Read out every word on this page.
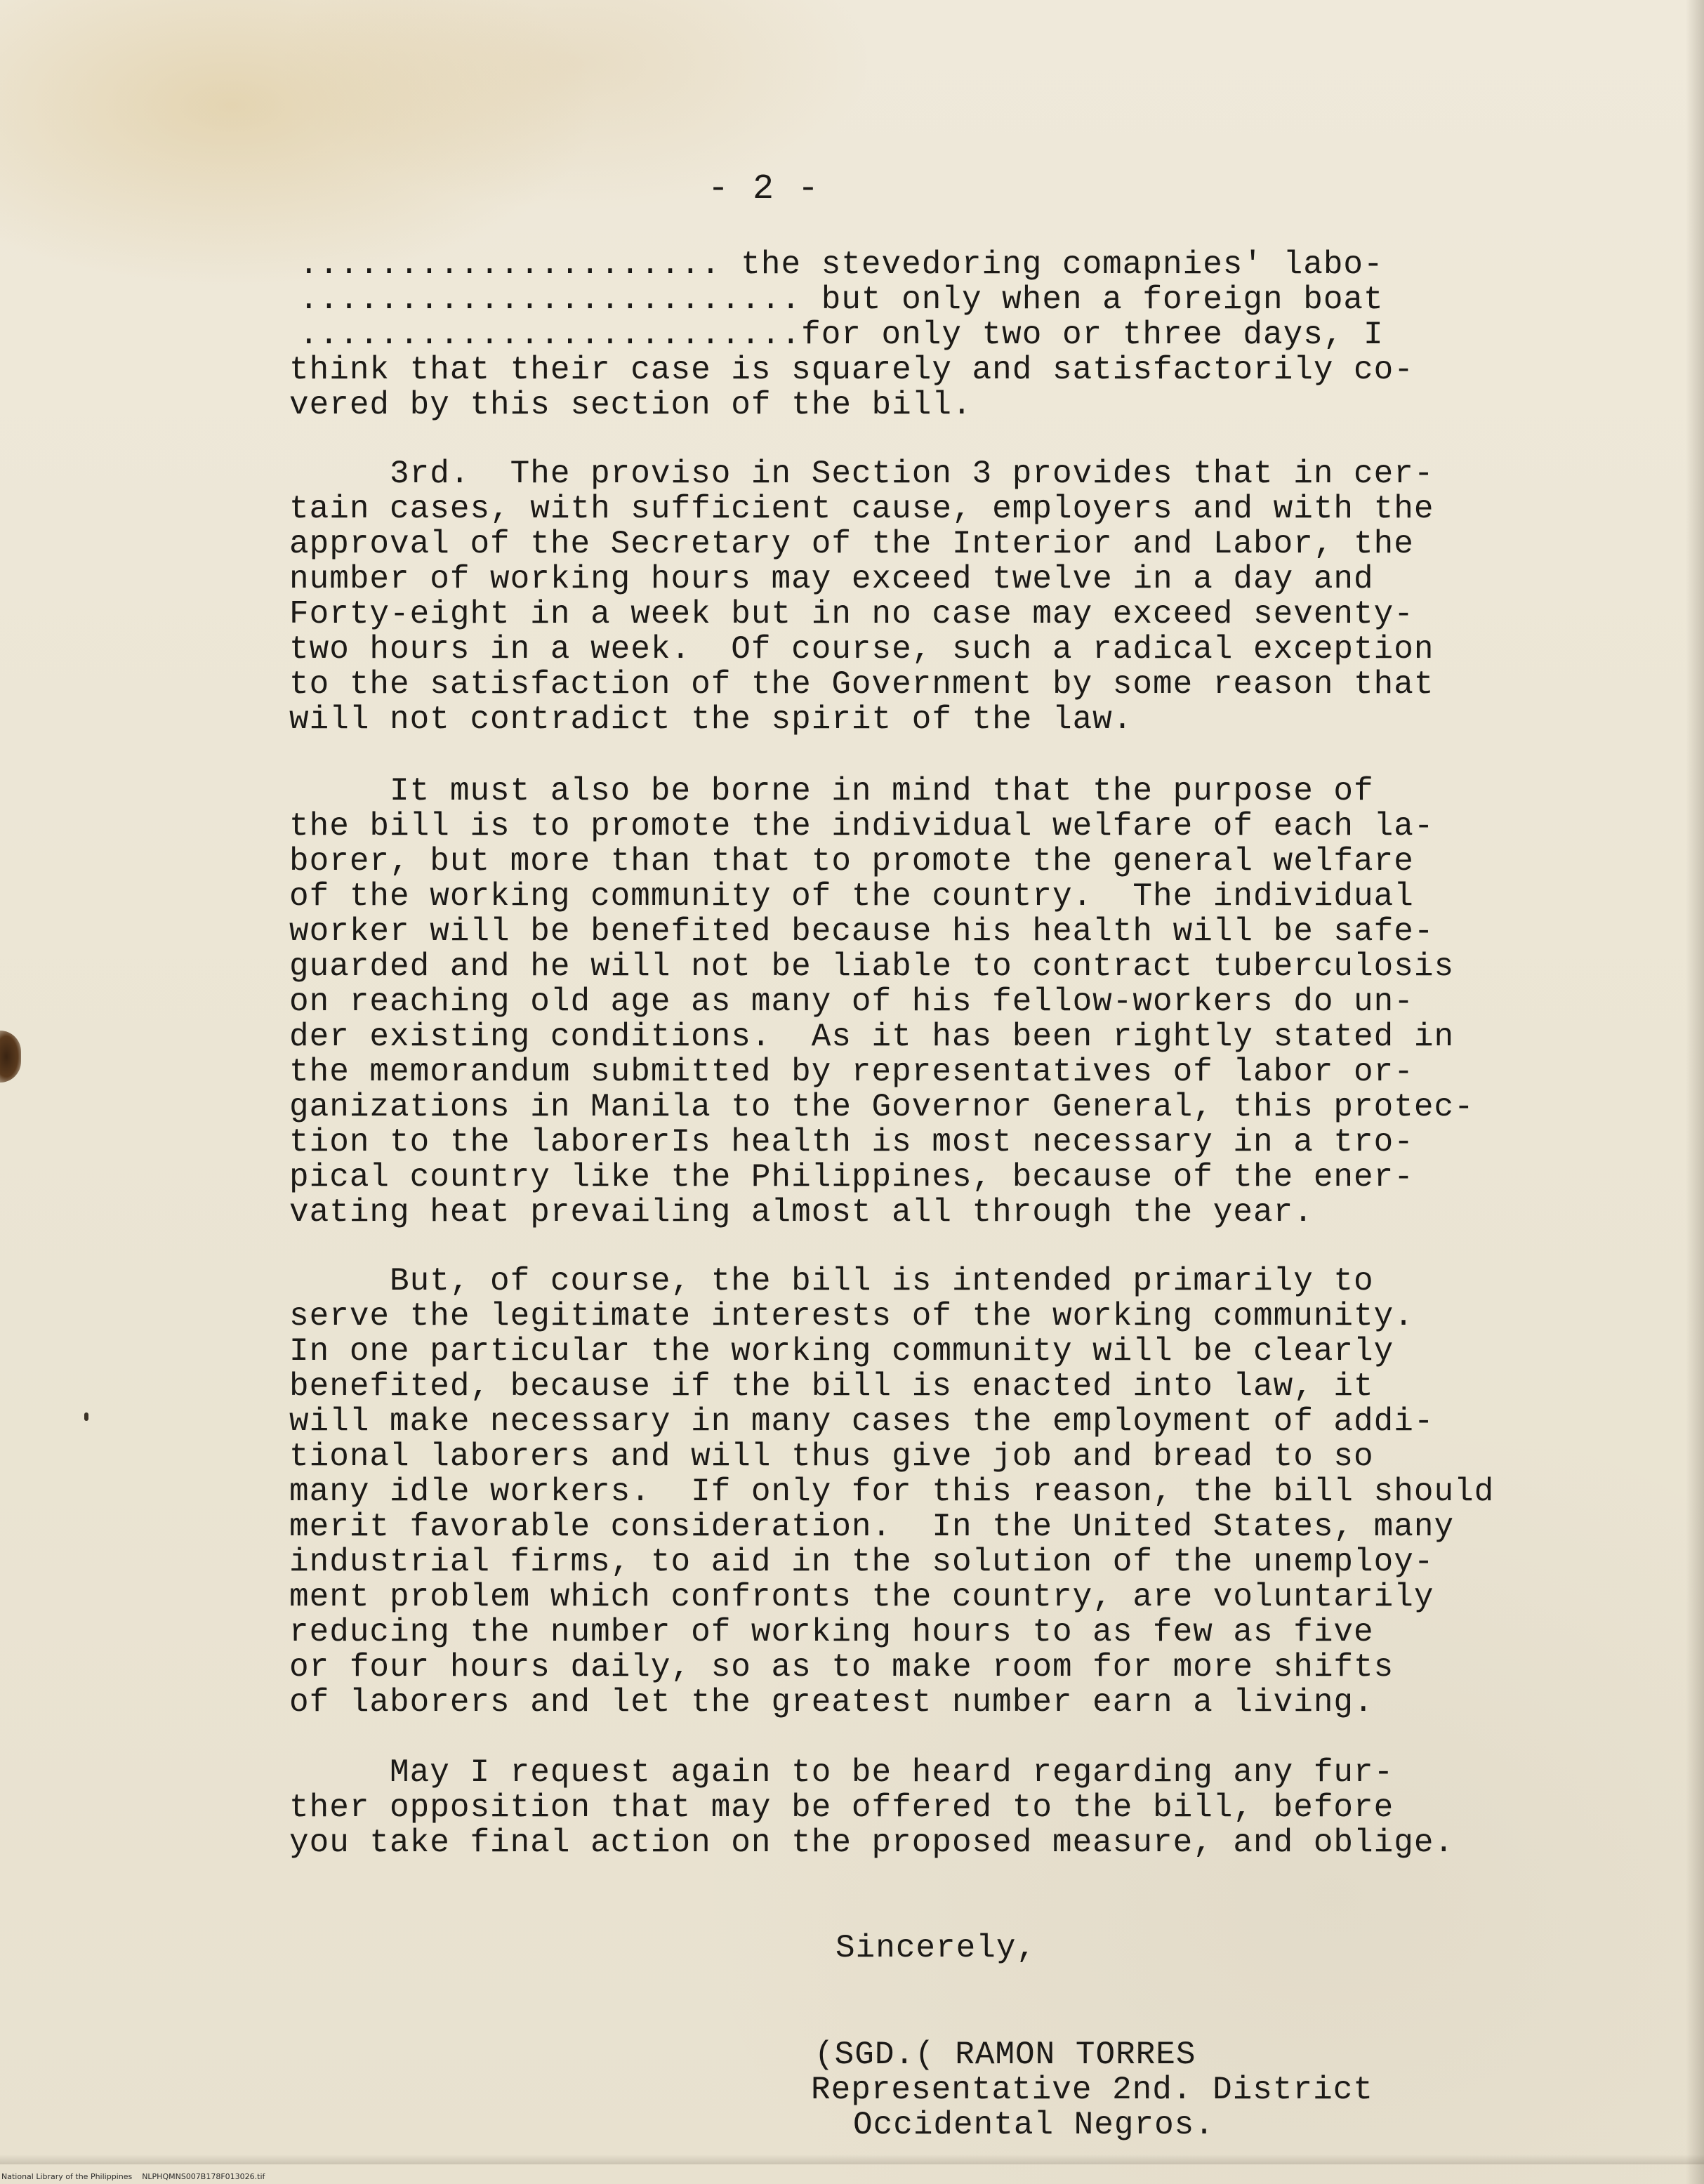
- 2 -
..................... the stevedoring comapnies' labo-
......................... but only when a foreign boat
.........................for only two or three days, I
think that their case is squarely and satisfactorily co-
vered by this section of the bill.
3rd.  The proviso in Section 3 provides that in cer-
tain cases, with sufficient cause, employers and with the
approval of the Secretary of the Interior and Labor, the
number of working hours may exceed twelve in a day and
Forty-eight in a week but in no case may exceed seventy-
two hours in a week.  Of course, such a radical exception
to the satisfaction of the Government by some reason that
will not contradict the spirit of the law.
It must also be borne in mind that the purpose of
the bill is to promote the individual welfare of each la-
borer, but more than that to promote the general welfare
of the working community of the country.  The individual
worker will be benefited because his health will be safe-
guarded and he will not be liable to contract tuberculosis
on reaching old age as many of his fellow-workers do un-
der existing conditions.  As it has been rightly stated in
the memorandum submitted by representatives of labor or-
ganizations in Manila to the Governor General, this protec-
tion to the laborerIs health is most necessary in a tro-
pical country like the Philippines, because of the ener-
vating heat prevailing almost all through the year.
But, of course, the bill is intended primarily to
serve the legitimate interests of the working community.
In one particular the working community will be clearly
benefited, because if the bill is enacted into law, it
will make necessary in many cases the employment of addi-
tional laborers and will thus give job and bread to so
many idle workers.  If only for this reason, the bill should
merit favorable consideration.  In the United States, many
industrial firms, to aid in the solution of the unemploy-
ment problem which confronts the country, are voluntarily
reducing the number of working hours to as few as five
or four hours daily, so as to make room for more shifts
of laborers and let the greatest number earn a living.
May I request again to be heard regarding any fur-
ther opposition that may be offered to the bill, before
you take final action on the proposed measure, and oblige.
Sincerely,
(SGD.( RAMON TORRES
Representative 2nd. District
Occidental Negros.
National Library of the Philippines    NLPHQMNS007B178F013026.tif
